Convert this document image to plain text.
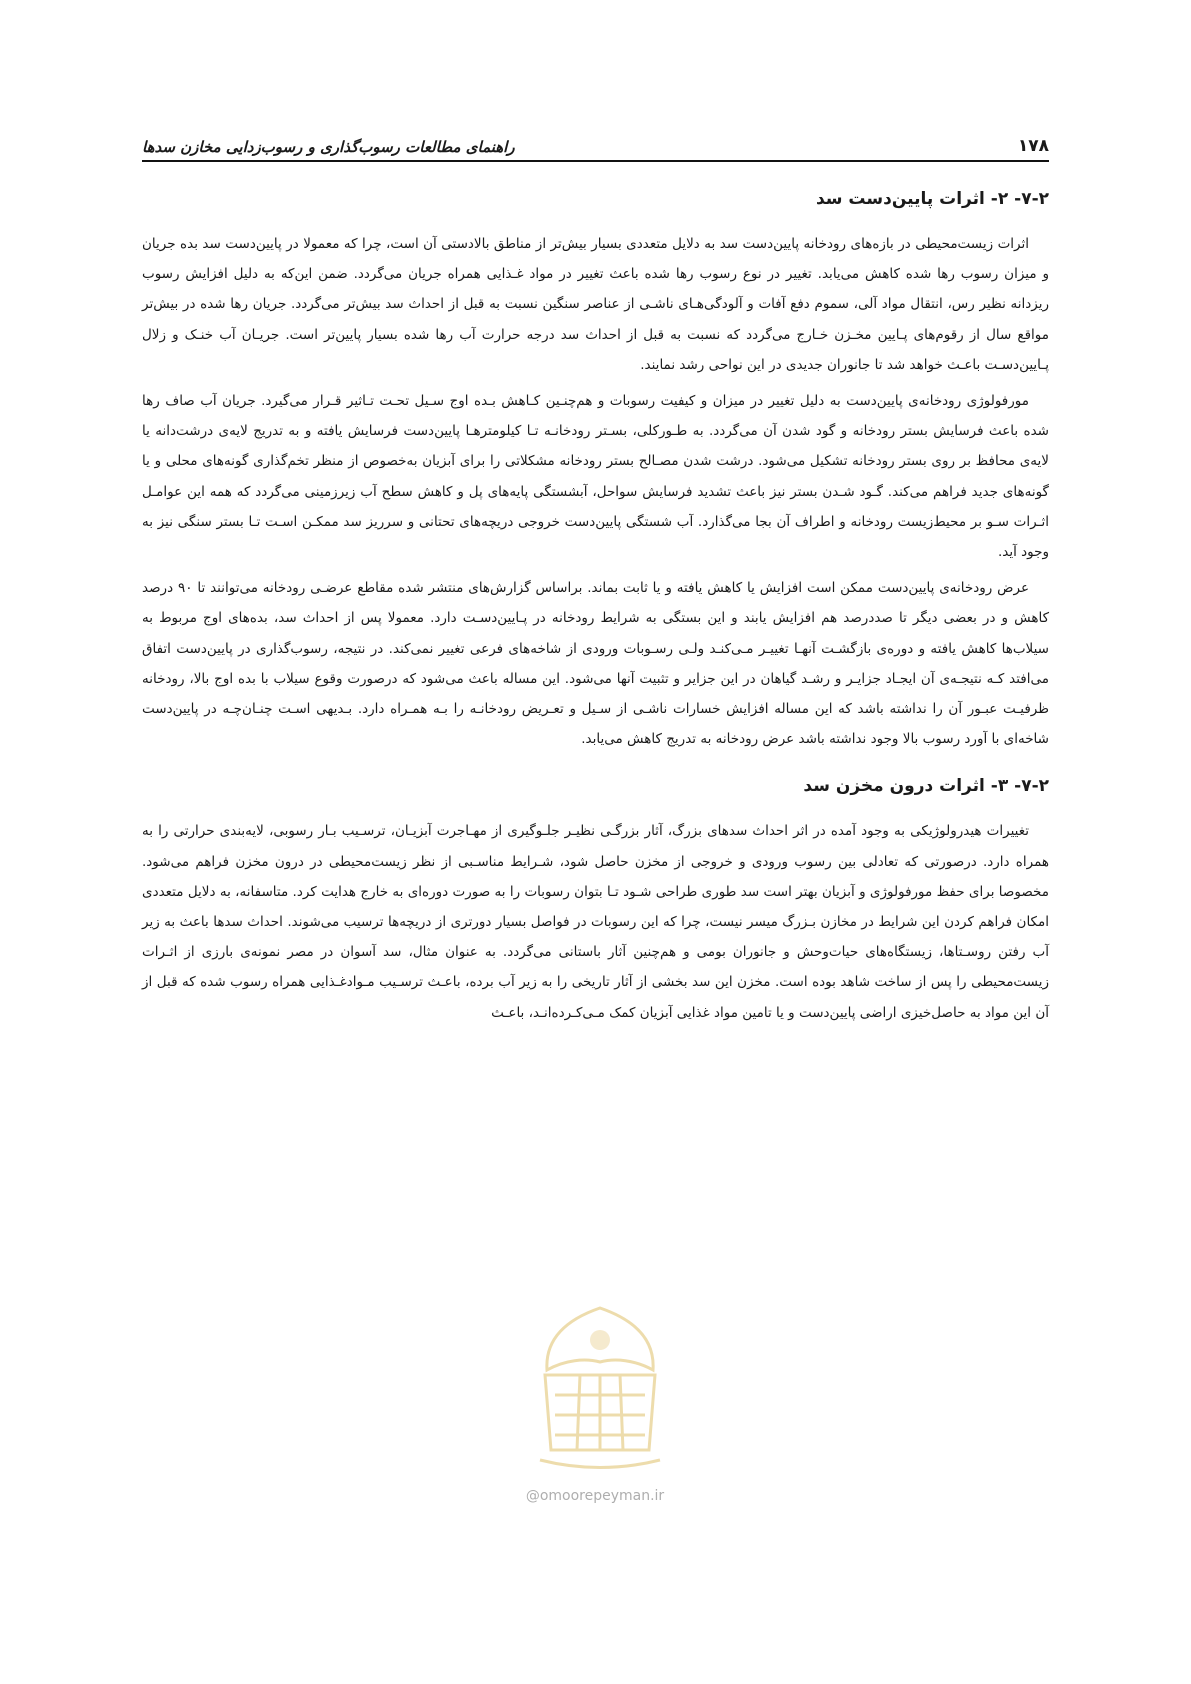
۱۷۸
راهنمای مطالعات رسوب‌گذاری و رسوب‌زدایی مخازن سدها
۷-۲- ۲- اثرات پایین‌دست سد

اثرات زیست‌محیطی در بازه‌های رودخانه پایین‌دست سد به دلایل متعددی بسیار بیش‌تر از مناطق بالادستی آن است، چرا که معمولا در پایین‌دست سد بده جریان و میزان رسوب رها شده کاهش می‌یابد. تغییر در نوع رسوب رها شده باعث تغییر در مواد غـذایی همراه جریان می‌گردد. ضمن این‌که به دلیل افزایش رسوب ریزدانه نظیر رس، انتقال مواد آلی، سموم دفع آفات و آلودگی‌هـای ناشـی از عناصر سنگین نسبت به قبل از احداث سد بیش‌تر می‌گردد. جریان رها شده در بیش‌تر مواقع سال از رقوم‌های پـایین مخـزن خـارج می‌گردد که نسبت به قبل از احداث سد درجه حرارت آب رها شده بسیار پایین‌تر است. جریـان آب خنـک و زلال پـایین‌دسـت باعـث خواهد شد تا جانوران جدیدی در این نواحی رشد نمایند.

مورفولوژی رودخانه‌ی پایین‌دست به دلیل تغییر در میزان و کیفیت رسوبات و هم‌چنـین کـاهش بـده اوج سـیل تحـت تـاثیر قـرار می‌گیرد. جریان آب صاف رها شده باعث فرسایش بستر رودخانه و گود شدن آن می‌گردد. به طـورکلی، بسـتر رودخانـه تـا کیلومترهـا پایین‌دست فرسایش یافته و به تدریج لایه‌ی درشت‌دانه یا لایه‌ی محافظ بر روی بستر رودخانه تشکیل می‌شود. درشت شدن مصـالح بستر رودخانه مشکلاتی را برای آبزیان به‌خصوص از منظر تخم‌گذاری گونه‌های محلی و یا گونه‌های جدید فراهم می‌کند. گـود شـدن بستر نیز باعث تشدید فرسایش سواحل، آبشستگی پایه‌های پل و کاهش سطح آب زیرزمینی می‌گردد که همه این عوامـل اثـرات سـو بر محیط‌زیست رودخانه و اطراف آن بجا می‌گذارد. آب شستگی پایین‌دست خروجی دریچه‌های تحتانی و سرریز سد ممکـن اسـت تـا بستر سنگی نیز به وجود آید.

عرض رودخانه‌ی پایین‌دست ممکن است افزایش یا کاهش یافته و یا ثابت بماند. براساس گزارش‌های منتشر شده مقاطع عرضـی رودخانه می‌توانند تا ۹۰ درصد کاهش و در بعضی دیگر تا صددرصد هم افزایش یابند و این بستگی به شرایط رودخانه در پـایین‌دسـت دارد. معمولا پس از احداث سد، بده‌های اوج مربوط به سیلاب‌ها کاهش یافته و دوره‌ی بازگشـت آنهـا تغییـر مـی‌کنـد ولـی رسـوبات ورودی از شاخه‌های فرعی تغییر نمی‌کند. در نتیجه، رسوب‌گذاری در پایین‌دست اتفاق می‌افتد کـه نتیجـه‌ی آن ایجـاد جزایـر و رشـد گیاهان در این جزایر و تثبیت آنها می‌شود. این مساله باعث می‌شود که درصورت وقوع سیلاب با بده اوج بالا، رودخانه ظرفیـت عبـور آن را نداشته باشد که این مساله افزایش خسارات ناشـی از سـیل و تعـریض رودخانـه را بـه همـراه دارد. بـدیهی اسـت چنـان‌چـه در پایین‌دست شاخه‌ای با آورد رسوب بالا وجود نداشته باشد عرض رودخانه به تدریج کاهش می‌یابد.

۷-۲- ۳- اثرات درون مخزن سد

تغییرات هیدرولوژیکی به وجود آمده در اثر احداث سدهای بزرگ، آثار بزرگـی نظیـر جلـوگیری از مهـاجرت آبزیـان، ترسـیب بـار رسوبی، لایه‌بندی حرارتی را به همراه دارد. درصورتی که تعادلی بین رسوب ورودی و خروجی از مخزن حاصل شود، شـرایط مناسـبی از نظر زیست‌محیطی در درون مخزن فراهم می‌شود. مخصوصا برای حفظ مورفولوژی و آبزیان بهتر است سد طوری طراحی شـود تـا بتوان رسوبات را به صورت دوره‌ای به خارج هدایت کرد. متاسفانه، به دلایل متعددی امکان فراهم کردن این شرایط در مخازن بـزرگ میسر نیست، چرا که این رسوبات در فواصل بسیار دورتری از دریچه‌ها ترسیب می‌شوند. احداث سدها باعث به زیر آب رفتن روسـتاها، زیستگاه‌های حیات‌وحش و جانوران بومی و هم‌چنین آثار باستانی می‌گردد. به عنوان مثال، سد آسوان در مصر نمونه‌ی بارزی از اثـرات زیست‌محیطی را پس از ساخت شاهد بوده است. مخزن این سد بخشی از آثار تاریخی را به زیر آب برده، باعـث ترسـیب مـوادغـذایی همراه رسوب شده که قبل از آن این مواد به حاصل‌خیزی اراضی پایین‌دست و یا تامین مواد غذایی آبزیان کمک مـی‌کـرده‌انـد، باعـث

@omoorepeyman.ir
